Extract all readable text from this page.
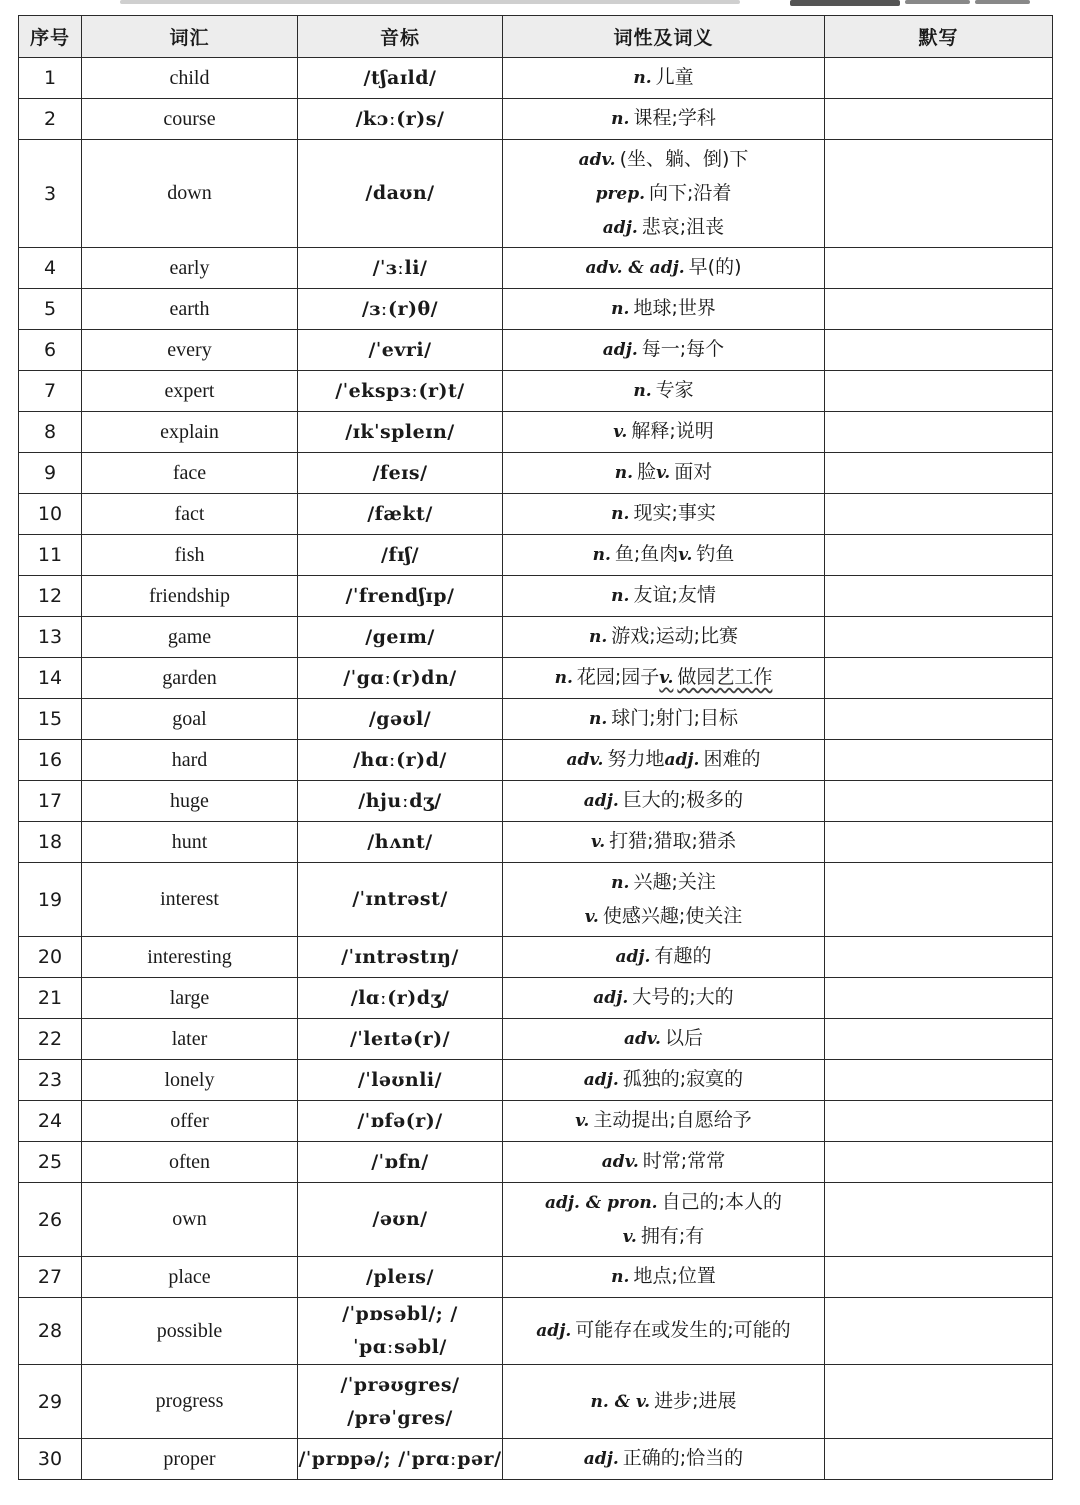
序号	词汇	音标	词性及词义	默写
1	child	/tʃaɪld/	n. 儿童	

2	course	/kɔː(r)s/	n. 课程;学科	

3	down	/daʊn/	adv. (坐、躺、倒)下
prep. 向下;沿着
adj. 悲哀;沮丧	

4	early	/ˈɜːli/	adv. & adj. 早(的)	

5	earth	/ɜː(r)θ/	n. 地球;世界	

6	every	/ˈevri/	adj. 每一;每个	

7	expert	/ˈekspɜː(r)t/	n. 专家	

8	explain	/ɪkˈspleɪn/	v. 解释;说明	

9	face	/feɪs/	n. 脸v. 面对	

10	fact	/fækt/	n. 现实;事实	

11	fish	/fɪʃ/	n. 鱼;鱼肉v. 钓鱼	

12	friendship	/ˈfrendʃɪp/	n. 友谊;友情	

13	game	/geɪm/	n. 游戏;运动;比赛	

14	garden	/ˈgɑː(r)dn/	n. 花园;园子v. 做园艺工作	

15	goal	/gəʊl/	n. 球门;射门;目标	

16	hard	/hɑː(r)d/	adv. 努力地adj. 困难的	

17	huge	/hjuːdʒ/	adj. 巨大的;极多的	

18	hunt	/hʌnt/	v. 打猎;猎取;猎杀	

19	interest	/ˈɪntrəst/	n. 兴趣;关注
v. 使感兴趣;使关注	

20	interesting	/ˈɪntrəstɪŋ/	adj. 有趣的	

21	large	/lɑː(r)dʒ/	adj. 大号的;大的	

22	later	/ˈleɪtə(r)/	adv. 以后	

23	lonely	/ˈləʊnli/	adj. 孤独的;寂寞的	

24	offer	/ˈɒfə(r)/	v. 主动提出;自愿给予	

25	often	/ˈɒfn/	adv. 时常;常常	

26	own	/əʊn/	adj. & pron. 自己的;本人的
v. 拥有;有	

27	place	/pleɪs/	n. 地点;位置	

28	possible	/ˈpɒsəbl/; /ˈpɑːsəbl/	adj. 可能存在或发生的;可能的	

29	progress	/ˈprəʊgres/
/prəˈgres/	n. & v. 进步;进展	

30	proper	/ˈprɒpə/; /ˈprɑːpər/	adj. 正确的;恰当的	
